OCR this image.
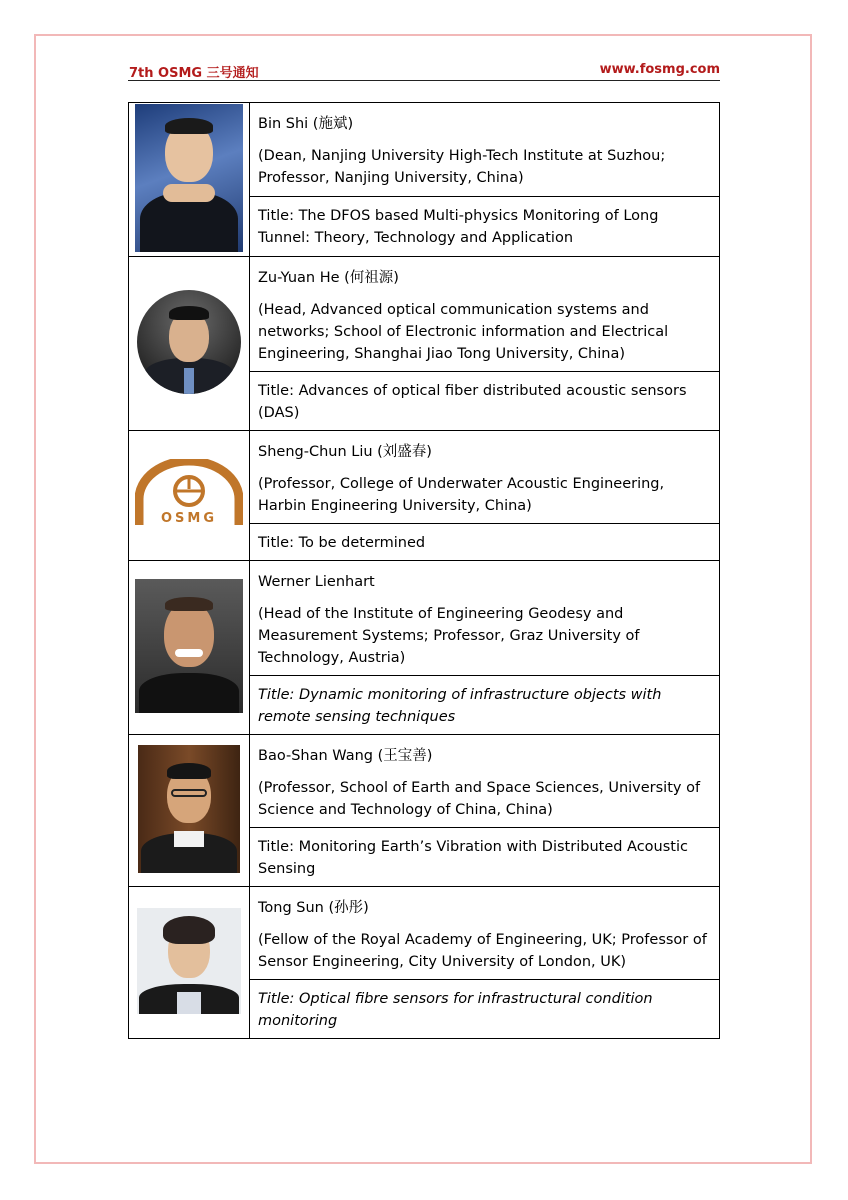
7th OSMG 三号通知	www.fosmg.com

	Bin Shi (施斌)

(Dean, Nanjing University High-Tech Institute at Suzhou; Professor, Nanjing University, China)

	Title: The DFOS based Multi-physics Monitoring of Long Tunnel: Theory, Technology and Application

	Zu-Yuan He (何祖源)

(Head, Advanced optical communication systems and networks; School of Electronic information and Electrical Engineering, Shanghai Jiao Tong University, China)

	Title: Advances of optical fiber distributed acoustic sensors (DAS)

OSMG	Sheng-Chun Liu (刘盛春)

(Professor, College of Underwater Acoustic Engineering, Harbin Engineering University, China)

	Title: To be determined

	Werner Lienhart

(Head of the Institute of Engineering Geodesy and Measurement Systems; Professor, Graz University of Technology, Austria)

	Title: Dynamic monitoring of infrastructure objects with remote sensing techniques

	Bao-Shan Wang (王宝善)

(Professor, School of Earth and Space Sciences, University of Science and Technology of China, China)

	Title: Monitoring Earth’s Vibration with Distributed Acoustic Sensing

	Tong Sun (孙彤)

(Fellow of the Royal Academy of Engineering, UK; Professor of Sensor Engineering, City University of London, UK)

	Title: Optical fibre sensors for infrastructural condition monitoring
